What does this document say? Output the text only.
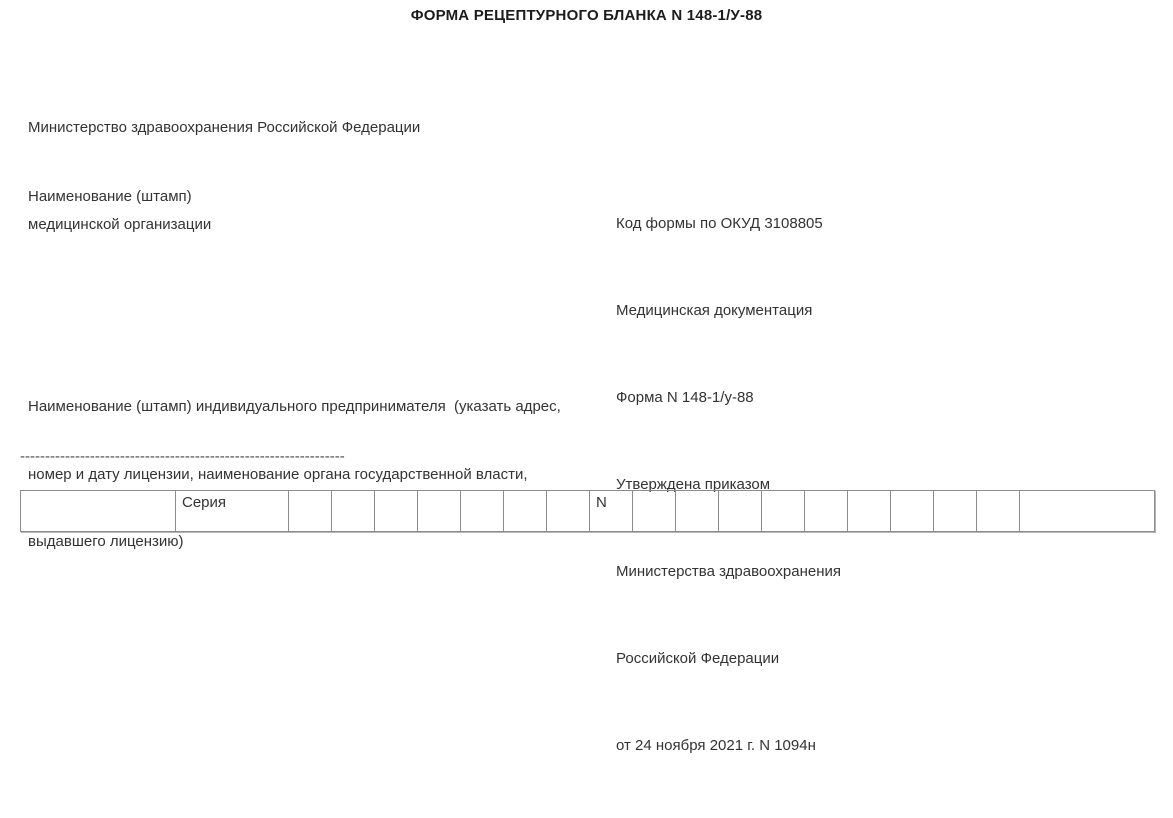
ФОРМА РЕЦЕПТУРНОГО БЛАНКА N 148-1/У-88
Министерство здравоохранения Российской Федерации
Наименование (штамп)
медицинской организации

	Код формы по ОКУД 3108805

Медицинская документация

Форма N 148-1/у-88

Утверждена приказом

Министерства здравоохранения

Российской Федерации

от 24 ноября 2021 г. N 1094н

Наименование (штамп) индивидуального предпринимателя  (указать адрес,

номер и дату лицензии, наименование органа государственной власти,

выдавшего лицензию)

-----------------------------------------------------------------
	Серия								N										
